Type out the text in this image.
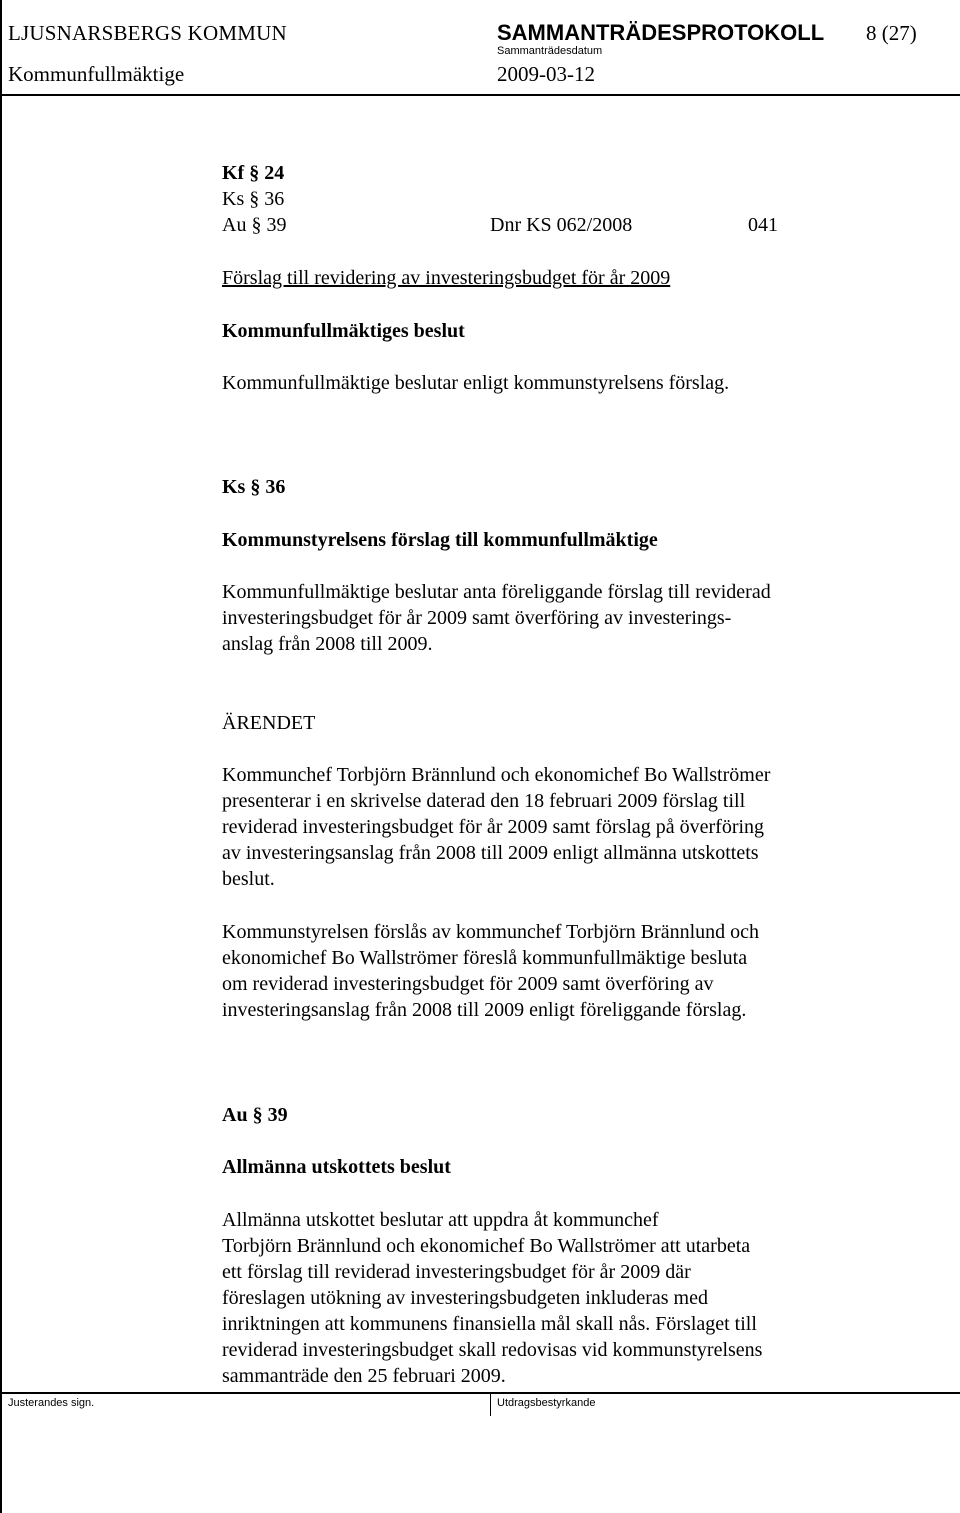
LJUSNARSBERGS KOMMUN	SAMMANTRÄDESPROTOKOLL 8 (27)
Sammanträdesdatum
Kommunfullmäktige	2009-03-12
Kf § 24
Ks § 36
Au § 39	Dnr KS 062/2008	041
Förslag till revidering av investeringsbudget för år 2009
Kommunfullmäktiges beslut
Kommunfullmäktige beslutar enligt kommunstyrelsens förslag.
Ks § 36
Kommunstyrelsens förslag till kommunfullmäktige
Kommunfullmäktige beslutar anta föreliggande förslag till reviderad
investeringsbudget för år 2009 samt överföring av investerings-
anslag från 2008 till 2009.
ÄRENDET
Kommunchef Torbjörn Brännlund och ekonomichef Bo Wallströmer
presenterar i en skrivelse daterad den 18 februari 2009 förslag till
reviderad investeringsbudget för år 2009 samt förslag på överföring
av investeringsanslag från 2008 till 2009 enligt allmänna utskottets
beslut.
Kommunstyrelsen förslås av kommunchef Torbjörn Brännlund och
ekonomichef Bo Wallströmer föreslå kommunfullmäktige besluta
om reviderad investeringsbudget för 2009 samt överföring av
investeringsanslag från 2008 till 2009 enligt föreliggande förslag.
Au § 39
Allmänna utskottets beslut
Allmänna utskottet beslutar att uppdra åt kommunchef
Torbjörn Brännlund och ekonomichef Bo Wallströmer att utarbeta
ett förslag till reviderad investeringsbudget för år 2009 där
föreslagen utökning av investeringsbudgeten inkluderas med
inriktningen att kommunens finansiella mål skall nås. Förslaget till
reviderad investeringsbudget skall redovisas vid kommunstyrelsens
sammanträde den 25 februari 2009.
Justerandes sign.	Utdragsbestyrkande
